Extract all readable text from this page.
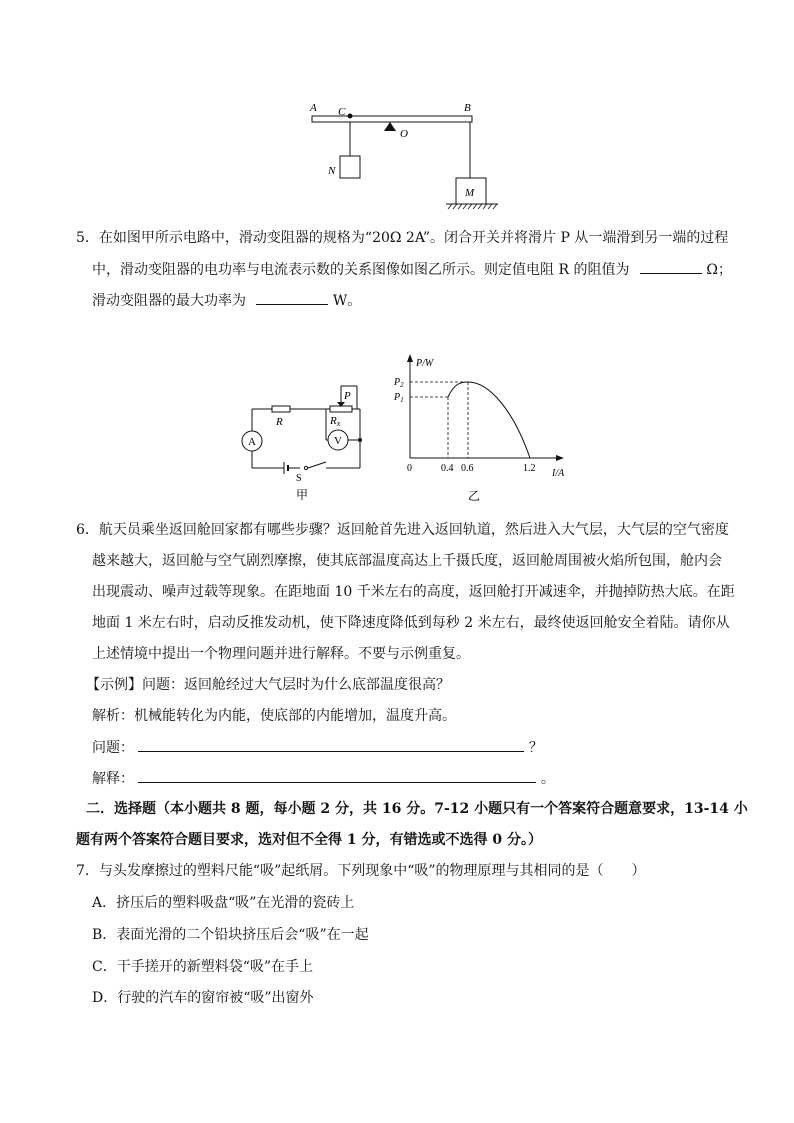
A C	B
O
N
M
5．在如图甲所示电路中，滑动变阻器的规格为“20Ω 2A”。闭合开关并将滑片 P 从一端滑到另一端的过程
中，滑动变阻器的电功率与电流表示数的关系图像如图乙所示。则定值电阻 R 的阻值为	Ω；
滑动变阻器的最大功率为	W。
P
R	Rx
A	V
S
甲
P/W
$P_2$
$P_1$
0	0.4 0.6	1.2 I/A
乙
6．航天员乘坐返回舱回家都有哪些步骤？返回舱首先进入返回轨道，然后进入大气层，大气层的空气密度
越来越大，返回舱与空气剧烈摩擦，使其底部温度高达上千摄氏度，返回舱周围被火焰所包围，舱内会
出现震动、噪声过载等现象。在距地面 10 千米左右的高度，返回舱打开减速伞，并抛掉防热大底。在距
地面 1 米左右时，启动反推发动机，使下降速度降低到每秒 2 米左右，最终使返回舱安全着陆。请你从
上述情境中提出一个物理问题并进行解释。不要与示例重复。
【示例】问题：返回舱经过大气层时为什么底部温度很高？
解析：机械能转化为内能，使底部的内能增加，温度升高。
问题：	？
解释：	。
二．选择题（本小题共 8 题，每小题 2 分，共 16 分。7-12 小题只有一个答案符合题意要求，13-14 小
题有两个答案符合题目要求，选对但不全得 1 分，有错选或不选得 0 分。）
7．与头发摩擦过的塑料尺能“吸”起纸屑。下列现象中“吸”的物理原理与其相同的是（　　）
A．挤压后的塑料吸盘“吸”在光滑的瓷砖上
B．表面光滑的二个铅块挤压后会“吸”在一起
C．干手搓开的新塑料袋“吸”在手上
D．行驶的汽车的窗帘被“吸”出窗外
